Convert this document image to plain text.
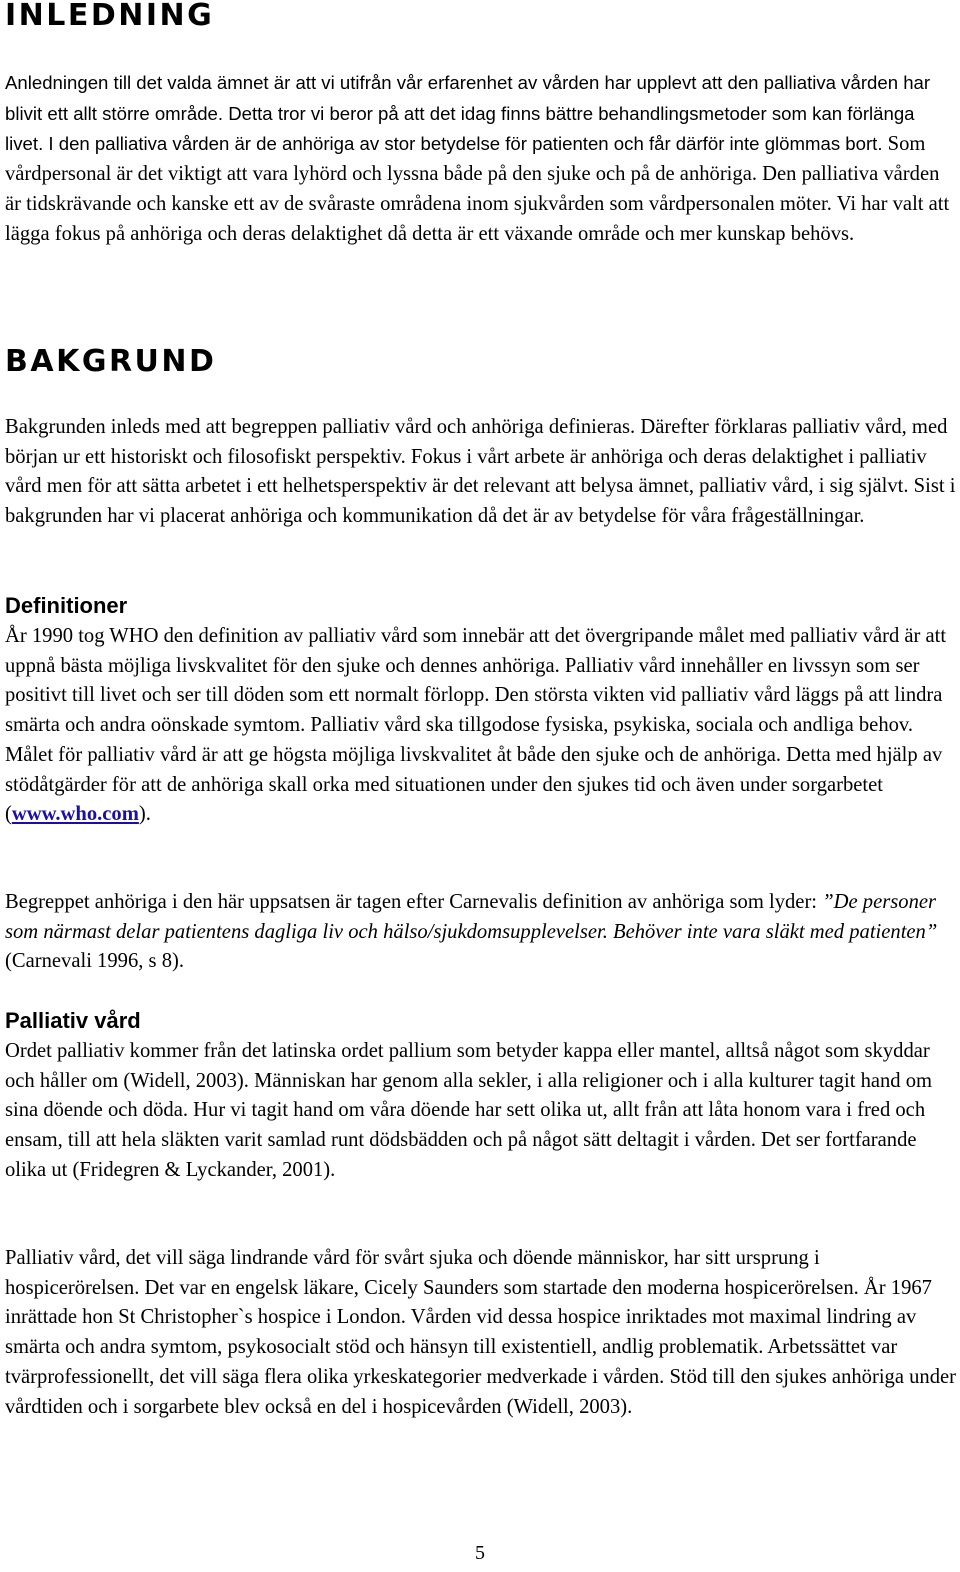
INLEDNING

Anledningen till det valda ämnet är att vi utifrån vår erfarenhet av vården har upplevt att den palliativa vården har blivit ett allt större område. Detta tror vi beror på att det idag finns bättre behandlingsmetoder som kan förlänga livet. I den palliativa vården är de anhöriga av stor betydelse för patienten och får därför inte glömmas bort. Som vårdpersonal är det viktigt att vara lyhörd och lyssna både på den sjuke och på de anhöriga. Den palliativa vården är tidskrävande och kanske ett av de svåraste områdena inom sjukvården som vårdpersonalen möter. Vi har valt att lägga fokus på anhöriga och deras delaktighet då detta är ett växande område och mer kunskap behövs.

BAKGRUND

Bakgrunden inleds med att begreppen palliativ vård och anhöriga definieras. Därefter förklaras palliativ vård, med början ur ett historiskt och filosofiskt perspektiv. Fokus i vårt arbete är anhöriga och deras delaktighet i palliativ vård men för att sätta arbetet i ett helhetsperspektiv är det relevant att belysa ämnet, palliativ vård, i sig självt. Sist i bakgrunden har vi placerat anhöriga och kommunikation då det är av betydelse för våra frågeställningar.

Definitioner

År 1990 tog WHO den definition av palliativ vård som innebär att det övergripande målet med palliativ vård är att uppnå bästa möjliga livskvalitet för den sjuke och dennes anhöriga. Palliativ vård innehåller en livssyn som ser positivt till livet och ser till döden som ett normalt förlopp. Den största vikten vid palliativ vård läggs på att lindra smärta och andra oönskade symtom. Palliativ vård ska tillgodose fysiska, psykiska, sociala och andliga behov. Målet för palliativ vård är att ge högsta möjliga livskvalitet åt både den sjuke och de anhöriga. Detta med hjälp av stödåtgärder för att de anhöriga skall orka med situationen under den sjukes tid och även under sorgarbetet (www.who.com).

Begreppet anhöriga i den här uppsatsen är tagen efter Carnevalis definition av anhöriga som lyder: ”De personer som närmast delar patientens dagliga liv och hälso/sjukdomsupplevelser. Behöver inte vara släkt med patienten” (Carnevali 1996, s 8).

Palliativ vård

Ordet palliativ kommer från det latinska ordet pallium som betyder kappa eller mantel, alltså något som skyddar och håller om (Widell, 2003). Människan har genom alla sekler, i alla religioner och i alla kulturer tagit hand om sina döende och döda. Hur vi tagit hand om våra döende har sett olika ut, allt från att låta honom vara i fred och ensam, till att hela släkten varit samlad runt dödsbädden och på något sätt deltagit i vården. Det ser fortfarande olika ut (Fridegren & Lyckander, 2001).

Palliativ vård, det vill säga lindrande vård för svårt sjuka och döende människor, har sitt ursprung i hospicerörelsen. Det var en engelsk läkare, Cicely Saunders som startade den moderna hospicerörelsen. År 1967 inrättade hon St Christopher`s hospice i London. Vården vid dessa hospice inriktades mot maximal lindring av smärta och andra symtom, psykosocialt stöd och hänsyn till existentiell, andlig problematik. Arbetssättet var tvärprofessionellt, det vill säga flera olika yrkeskategorier medverkade i vården. Stöd till den sjukes anhöriga under vårdtiden och i sorgarbete blev också en del i hospicevården (Widell, 2003).

5
